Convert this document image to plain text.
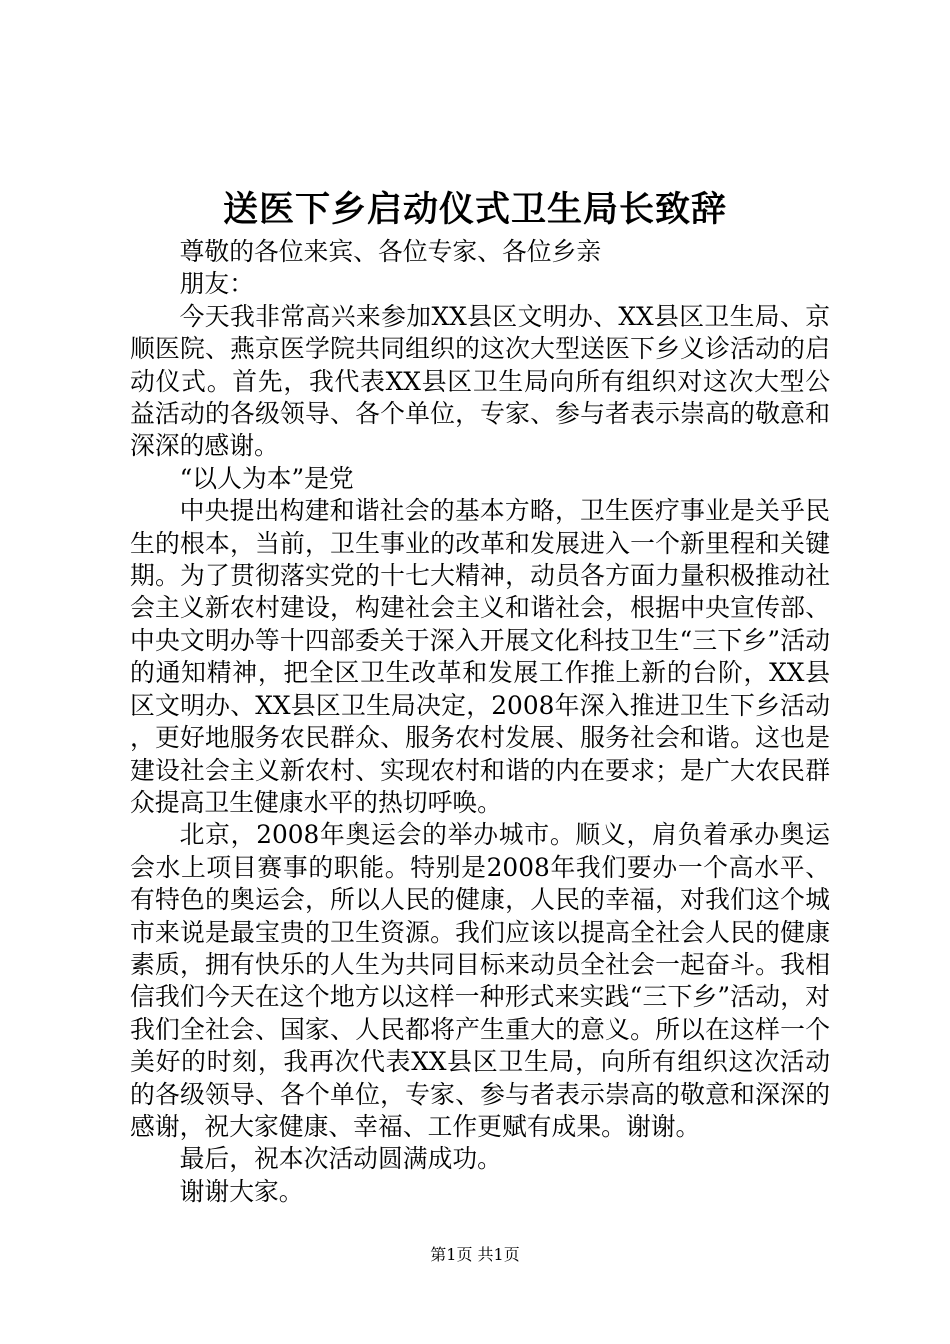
送医下乡启动仪式卫生局长致辞

尊敬的各位来宾、各位专家、各位乡亲

朋友：

今天我非常高兴来参加XX县区文明办、XX县区卫生局、京顺医院、燕京医学院共同组织的这次大型送医下乡义诊活动的启动仪式。首先，我代表XX县区卫生局向所有组织对这次大型公益活动的各级领导、各个单位，专家、参与者表示崇高的敬意和深深的感谢。

“以人为本”是党

中央提出构建和谐社会的基本方略，卫生医疗事业是关乎民生的根本，当前，卫生事业的改革和发展进入一个新里程和关键期。为了贯彻落实党的十七大精神，动员各方面力量积极推动社会主义新农村建设，构建社会主义和谐社会，根据中央宣传部、中央文明办等十四部委关于深入开展文化科技卫生“三下乡”活动的通知精神，把全区卫生改革和发展工作推上新的台阶，XX县区文明办、XX县区卫生局决定，2008年深入推进卫生下乡活动，更好地服务农民群众、服务农村发展、服务社会和谐。这也是建设社会主义新农村、实现农村和谐的内在要求；是广大农民群众提高卫生健康水平的热切呼唤。

北京，2008年奥运会的举办城市。顺义，肩负着承办奥运会水上项目赛事的职能。特别是2008年我们要办一个高水平、有特色的奥运会，所以人民的健康，人民的幸福，对我们这个城市来说是最宝贵的卫生资源。我们应该以提高全社会人民的健康素质，拥有快乐的人生为共同目标来动员全社会一起奋斗。我相信我们今天在这个地方以这样一种形式来实践“三下乡”活动，对我们全社会、国家、人民都将产生重大的意义。所以在这样一个美好的时刻，我再次代表XX县区卫生局，向所有组织这次活动的各级领导、各个单位，专家、参与者表示崇高的敬意和深深的感谢，祝大家健康、幸福、工作更赋有成果。谢谢。

最后，祝本次活动圆满成功。

谢谢大家。

第1页 共1页
